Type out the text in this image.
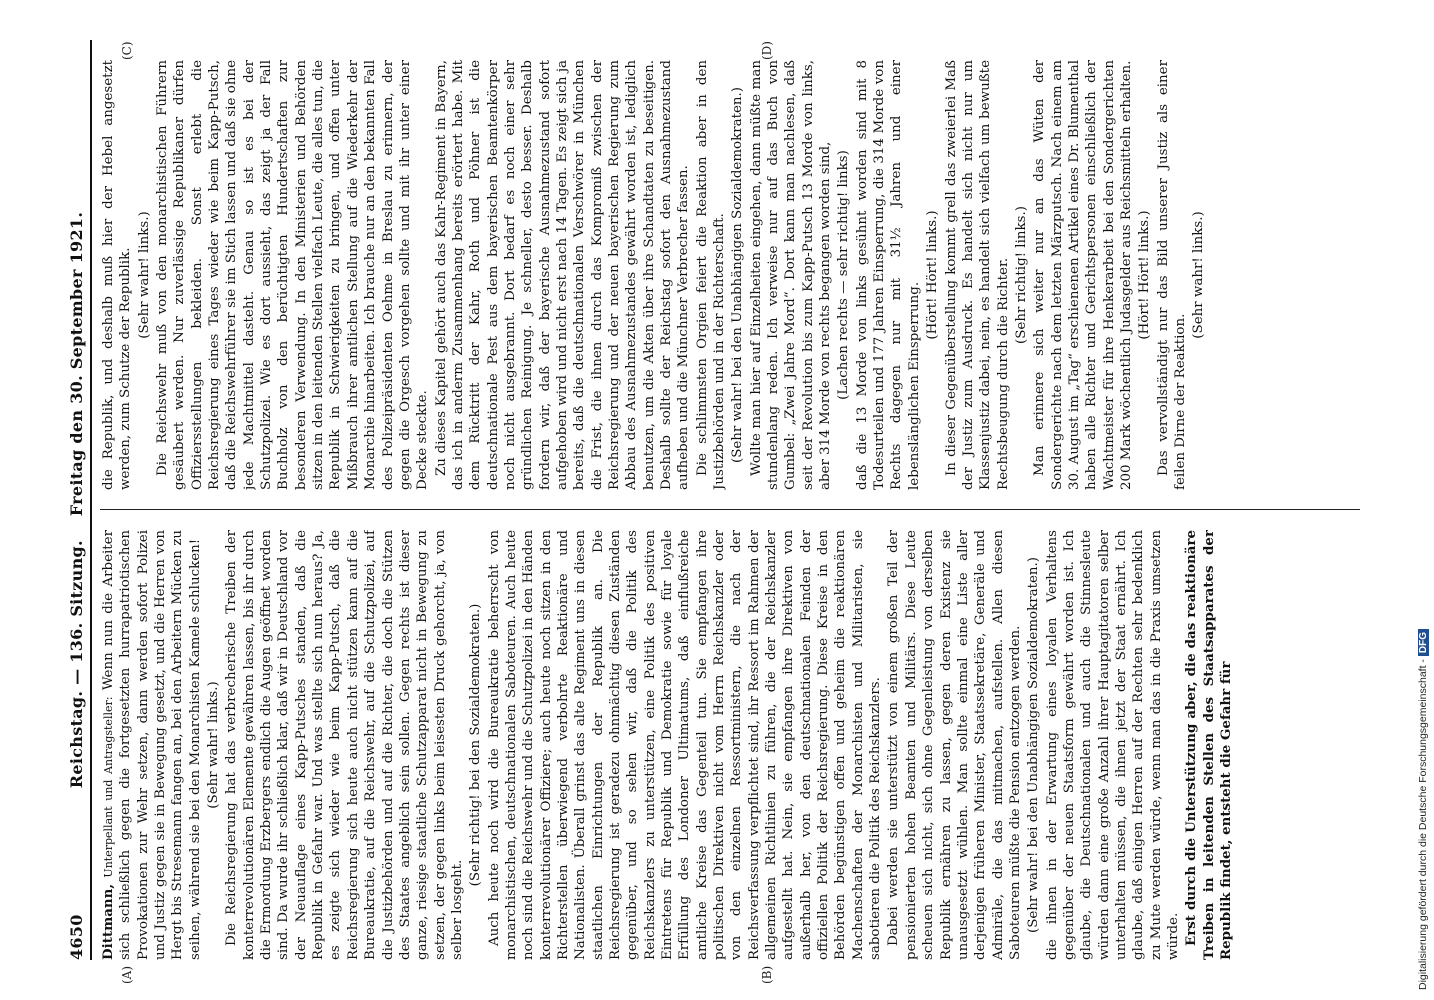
4650
Reichstag. — 136. Sitzung. Freitag den 30. September 1921.
(A)	(B)
(C)	(D)

Dittmann, Unterpellant und Antragsteller: Wenn nun die Arbeiter sich schließlich gegen die fortgesetzten hurrapatriotischen Provokationen zur Wehr setzen, dann werden sofort Polizei und Justiz gegen sie in Bewegung gesetzt, und die Herren von Hergt bis Stresemann fangen an, bei den Arbeitern Mücken zu seihen, während sie bei den Monarchisten Kamele schlucken! (Sehr wahr! links.) Die Reichsregierung hat das verbrecherische Treiben der konterrevolutionären Elemente gewähren lassen, bis ihr durch die Ermordung Erzbergers endlich die Augen geöffnet worden sind. Da wurde ihr schließlich klar, daß wir in Deutschland vor der Neuauflage eines Kapp-Putsches standen, daß die Republik in Gefahr war. Und was stellte sich nun heraus? Ja, es zeigte sich wieder wie beim Kapp-Putsch, daß die Reichsregierung sich heute auch nicht stützen kann auf die Bureaukratie, auf die Reichswehr, auf die Schutzpolizei, auf die Justizbehörden und auf die Richter, die doch die Stützen des Staates angeblich sein sollen. Gegen rechts ist dieser ganze, riesige staatliche Schutzapparat nicht in Bewegung zu setzen, der gegen links beim leisesten Druck gehorcht, ja, von selber losgeht.

(Sehr richtig! bei den Sozialdemokraten.) Auch heute noch wird die Bureaukratie beherrscht von monarchistischen, deutschnationalen Saboteuren. Auch heute noch sind die Reichswehr und die Schutzpolizei in den Händen konterrevolutionärer Offiziere; auch heute noch sitzen in den Richterstellen überwiegend verbohrte Reaktionäre und Nationalisten. Überall grinst das alte Regiment uns in diesen staatlichen Einrichtungen der Republik an. Die Reichsregierung ist geradezu ohnmächtig diesen Zuständen gegenüber, und so sehen wir, daß die Politik des Reichskanzlers zu unterstützen, eine Politik des positiven Eintretens für Republik und Demokratie sowie für loyale Erfüllung des Londoner Ultimatums, daß einflußreiche amtliche Kreise das Gegenteil tun. Sie empfangen ihre politischen Direktiven nicht vom Herrn Reichskanzler oder von den einzelnen Ressortministern, die nach der Reichsverfassung verpflichtet sind, ihr Ressort im Rahmen der allgemeinen Richtlinien zu führen, die der Reichskanzler aufgestellt hat. Nein, sie empfangen ihre Direktiven von außerhalb her, von den deutschnationalen Feinden der offiziellen Politik der Reichsregierung. Diese Kreise in den Behörden begünstigen offen und geheim die reaktionären Machenschaften der Monarchisten und Militaristen, sie sabotieren die Politik des Reichskanzlers. Dabei werden sie unterstützt von einem großen Teil der pensionierten hohen Beamten und Militärs. Diese Leute scheuen sich nicht, sich ohne Gegenleistung von derselben Republik ernähren zu lassen, gegen deren Existenz sie unausgesetzt wühlen. Man sollte einmal eine Liste aller derjenigen früheren Minister, Staatssekretäre, Generäle und Admiräle, die das mitmachen, aufstellen. Allen diesen Saboteuren müßte die Pension entzogen werden. (Sehr wahr! bei den Unabhängigen Sozialdemokraten.) die ihnen in der Erwartung eines loyalen Verhaltens gegenüber der neuen Staatsform gewährt worden ist. Ich glaube, die Deutschnationalen und auch die Stinnesleute würden dann eine große Anzahl ihrer Hauptagitatoren selber unterhalten müssen, die ihnen jetzt der Staat ernährt. Ich glaube, daß einigen Herren auf der Rechten sehr bedenklich zu Mute werden würde, wenn man das in die Praxis umsetzen würde. Erst durch die Unterstützung aber, die das reaktionäre Treiben in leitenden Stellen des Staatsapparates der Republik findet, entsteht die Gefahr für

die Republik, und deshalb muß hier der Hebel angesetzt werden, zum Schutze der Republik. (Sehr wahr! links.) Die Reichswehr muß von den monarchistischen Führern gesäubert werden. Nur zuverlässige Republikaner dürfen Offiziersstellungen bekleiden. Sonst erlebt die Reichsregierung eines Tages wieder wie beim Kapp-Putsch, daß die Reichswehrführer sie im Stich lassen und daß sie ohne jede Machtmittel dasteht. Genau so ist es bei der Schutzpolizei. Wie es dort aussieht, das zeigt ja der Fall Buchholz von den berüchtigten Hundertschaften zur besonderen Verwendung. In den Ministerien und Behörden sitzen in den leitenden Stellen vielfach Leute, die alles tun, die Republik in Schwierigkeiten zu bringen, und offen unter Mißbrauch ihrer amtlichen Stellung auf die Wiederkehr der Monarchie hinarbeiten. Ich brauche nur an den bekannten Fall des Polizeipräsidenten Oehme in Breslau zu erinnern, der gegen die Orgesch vorgehen sollte und mit ihr unter einer Decke steckte. Zu dieses Kapitel gehört auch das Kahr-Regiment in Bayern, das ich in anderm Zusammenhang bereits erörtert habe. Mit dem Rücktritt der Kahr, Roth und Pöhner ist die deutschnationale Pest aus dem bayerischen Beamtenkörper noch nicht ausgebrannt. Dort bedarf es noch einer sehr gründlichen Reinigung. Je schneller, desto besser. Deshalb fordern wir, daß der bayerische Ausnahmezustand sofort aufgehoben wird und nicht erst nach 14 Tagen. Es zeigt sich ja bereits, daß die deutschnationalen Verschwörer in München die Frist, die ihnen durch das Kompromiß zwischen der Reichsregierung und der neuen bayerischen Regierung zum Abbau des Ausnahmezustandes gewährt worden ist, lediglich benutzen, um die Akten über ihre Schandtaten zu beseitigen. Deshalb sollte der Reichstag sofort den Ausnahmezustand aufheben und die Münchner Verbrecher fassen. Die schlimmsten Orgien feiert die Reaktion aber in den Justizbehörden und in der Richterschaft. (Sehr wahr! bei den Unabhängigen Sozialdemokraten.) Wollte man hier auf Einzelheiten eingehen, dann müßte man stundenlang reden. Ich verweise nur auf das Buch von Gumbel: „Zwei Jahre Mord“. Dort kann man nachlesen, daß seit der Revolution bis zum Kapp-Putsch 13 Morde von links, aber 314 Morde von rechts begangen worden sind, (Lachen rechts — sehr richtig! links) daß die 13 Morde von links gesühnt worden sind mit 8 Todesurteilen und 177 Jahren Einsperrung, die 314 Morde von Rechts dagegen nur mit 31½ Jahren und einer lebenslänglichen Einsperrung.

(Hört! Hört! links.) In dieser Gegenüberstellung kommt grell das zweierlei Maß der Justiz zum Ausdruck. Es handelt sich nicht nur um Klassenjustiz dabei, nein, es handelt sich vielfach um bewußte Rechtsbeugung durch die Richter. (Sehr richtig! links.) Man erinnere sich weiter nur an das Wüten der Sondergerichte nach dem letzten Märzputsch. Nach einem am 30. August im „Tag“ erschienenen Artikel eines Dr. Blumenthal haben alle Richter und Gerichtspersonen einschließlich der Wachtmeister für ihre Henkerarbeit bei den Sondergerichten 200 Mark wöchentlich Judasgelder aus Reichsmitteln erhalten. (Hört! Hört! links.) Das vervollständigt nur das Bild unserer Justiz als einer feilen Dirne der Reaktion.

(Sehr wahr! links.)

Digitalisierung gefördert durch die Deutsche Forschungsgemeinschaft -DFG
